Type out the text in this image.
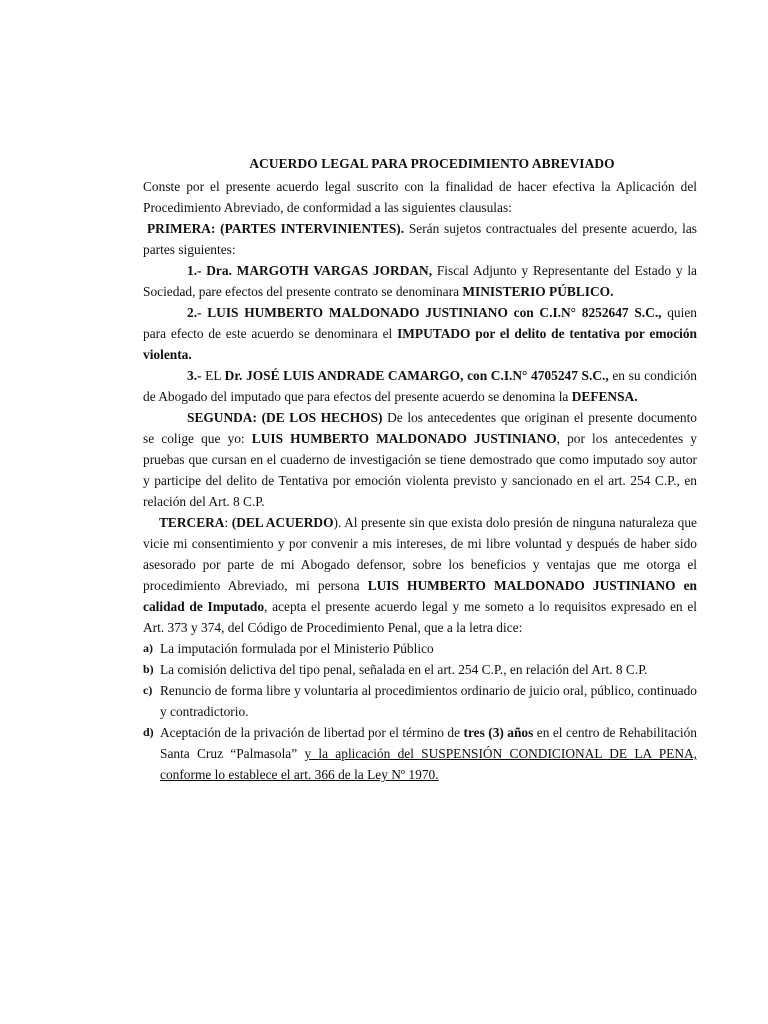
ACUERDO LEGAL PARA PROCEDIMIENTO ABREVIADO

Conste por el presente acuerdo legal suscrito con la finalidad de hacer efectiva la Aplicación del Procedimiento Abreviado, de conformidad a las siguientes clausulas:

PRIMERA: (PARTES INTERVINIENTES). Serán sujetos contractuales del presente acuerdo, las partes siguientes:

1.- Dra. MARGOTH VARGAS JORDAN, Fiscal Adjunto y Representante del Estado y la Sociedad, pare efectos del presente contrato se denominara MINISTERIO PÚBLICO.

2.- LUIS HUMBERTO MALDONADO JUSTINIANO con C.I.N° 8252647 S.C., quien para efecto de este acuerdo se denominara el IMPUTADO por el delito de tentativa por emoción violenta.

3.- EL Dr. JOSÉ LUIS ANDRADE CAMARGO, con C.I.N° 4705247 S.C., en su condición de Abogado del imputado que para efectos del presente acuerdo se denomina la DEFENSA.

SEGUNDA: (DE LOS HECHOS) De los antecedentes que originan el presente documento se colige que yo: LUIS HUMBERTO MALDONADO JUSTINIANO, por los antecedentes y pruebas que cursan en el cuaderno de investigación se tiene demostrado que como imputado soy autor y participe del delito de Tentativa por emoción violenta previsto y sancionado en el art. 254 C.P., en relación del Art. 8 C.P.

TERCERA: (DEL ACUERDO). Al presente sin que exista dolo presión de ninguna naturaleza que vicie mi consentimiento y por convenir a mis intereses, de mi libre voluntad y después de haber sido asesorado por parte de mi Abogado defensor, sobre los beneficios y ventajas que me otorga el procedimiento Abreviado, mi persona LUIS HUMBERTO MALDONADO JUSTINIANO en calidad de Imputado, acepta el presente acuerdo legal y me someto a lo requisitos expresado en el Art. 373 y 374, del Código de Procedimiento Penal, que a la letra dice:

a) La imputación formulada por el Ministerio Público
b) La comisión delictiva del tipo penal, señalada en el art. 254 C.P., en relación del Art. 8 C.P.
c) Renuncio de forma libre y voluntaria al procedimientos ordinario de juicio oral, público, continuado y contradictorio.
d) Aceptación de la privación de libertad por el término de tres (3) años en el centro de Rehabilitación Santa Cruz “Palmasola” y la aplicación del SUSPENSIÓN CONDICIONAL DE LA PENA, conforme lo establece el art. 366 de la Ley Nº 1970.
